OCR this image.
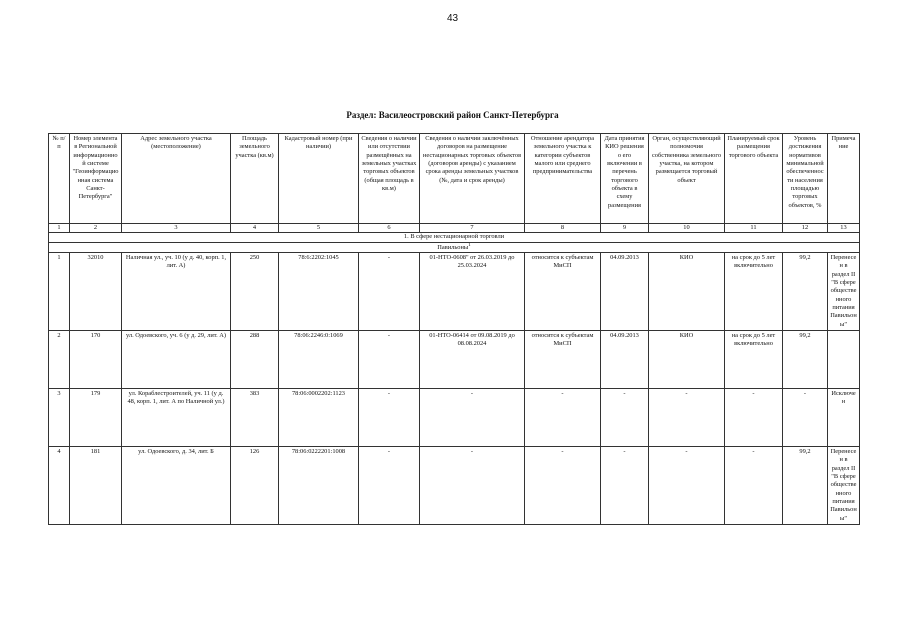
43
Раздел: Василеостровский район Санкт-Петербурга
№ п/п	Номер элемента в Региональной информационной системе "Геоинформационная система Санкт-Петербурга"	Адрес земельного участка (местоположение)	Площадь земельного участка (кв.м)	Кадастровый номер (при наличии)	Сведения о наличии или отсутствии размещённых на земельных участках торговых объектов (общая площадь в кв.м)	Сведения о наличии заключённых договоров на размещение нестационарных торговых объектов (договоров аренды) с указанием срока аренды земельных участков (№, дата и срок аренды)	Отношение арендатора земельного участка к категории субъектов малого или среднего предпринимательства	Дата принятия КИО решения о его включении в перечень торгового объекта в схему размещения	Орган, осуществляющий полномочия собственника земельного участка, на котором размещается торговый объект	Планируемый срок размещения торгового объекта	Уровень достижения нормативов минимальной обеспеченности населения площадью торговых объектов, %	Примечание
1	2	3	4	5	6	7	8	9	10	11	12	13
1. В сфере нестационарной торговли												
Павильоны$^1$
1	32010	Наличная ул., уч. 10 (у д. 40, корп. 1, лит. А)	250	78:6:2202:1045	-	01-НТО-0608" от 26.03.2019 до 25.03.2024	относится к субъектам МиСП	04.09.2013	КИО	на срок до 5 лет включительно	99,2	Перенесен в раздел II "В сфере общественного питания Павильоны"
2	170	ул. Одоевского, уч. 6 (у д. 29, лит. А)	288	78:06:2246:0:1069	-	01-НТО-06414 от 09.08.2019 до 08.08.2024	относится к субъектам МиСП	04.09.2013	КИО	на срок до 5 лет включительно	99,2	
3	179	ул. Кораблестроителей, уч. 11 (у д. 48, корп. 1, лит. А по Наличной ул.)	383	78:06:0002202:1123	-	-	-	-	-	-	-	Исключен
4	181	ул. Одоевского, д. 34, лит. Б	126	78:06:0222201:1008	-	-	-	-	-	-	99,2	Перенесен в раздел II "В сфере общественного питания Павильоны"
